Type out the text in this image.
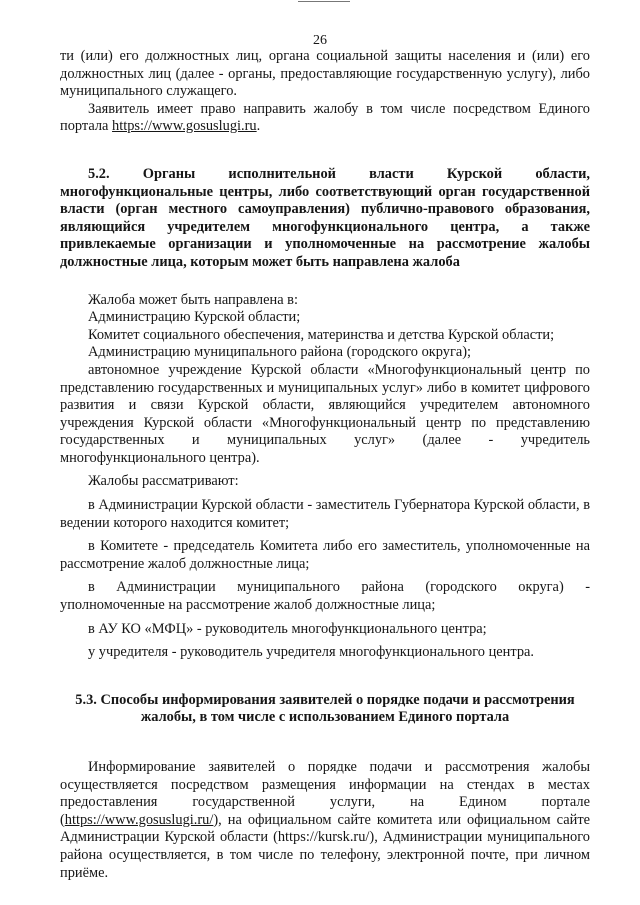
26

ти (или) его должностных лиц, органа социальной защиты населения и (или) его должностных лиц (далее - органы, предоставляющие государственную услугу), либо муниципального служащего.

Заявитель имеет право направить жалобу в том числе посредством Единого портала https://www.gosuslugi.ru.

5.2. Органы исполнительной власти Курской области, многофункциональные центры, либо соответствующий орган государственной власти (орган местного самоуправления) публично-правового образования, являющийся учредителем многофункционального центра, а также привлекаемые организации и уполномоченные на рассмотрение жалобы должностные лица, которым может быть направлена жалоба

Жалоба может быть направлена в:

Администрацию Курской области;

Комитет социального обеспечения, материнства и детства Курской области;

Администрацию муниципального района (городского округа);

автономное учреждение Курской области «Многофункциональный центр по представлению государственных и муниципальных услуг» либо в комитет цифрового развития и связи Курской области, являющийся учредителем автономного учреждения Курской области «Многофункциональный центр по представлению государственных и муниципальных услуг» (далее - учредитель многофункционального центра).

Жалобы рассматривают:

в Администрации Курской области - заместитель Губернатора Курской области, в ведении которого находится комитет;

в Комитете - председатель Комитета либо его заместитель, уполномоченные на рассмотрение жалоб должностные лица;

в Администрации муниципального района (городского округа) - уполномоченные на рассмотрение жалоб должностные лица;

в АУ КО «МФЦ» - руководитель многофункционального центра;

у учредителя - руководитель учредителя многофункционального центра.

5.3. Способы информирования заявителей о порядке подачи и рассмотрения жалобы, в том числе с использованием Единого портала

Информирование заявителей о порядке подачи и рассмотрения жалобы осуществляется посредством размещения информации на стендах в местах предоставления государственной услуги, на Едином портале (https://www.gosuslugi.ru/), на официальном сайте комитета или официальном сайте Администрации Курской области (https://kursk.ru/), Администрации муниципального района осуществляется, в том числе по телефону, электронной почте, при личном приёме.
